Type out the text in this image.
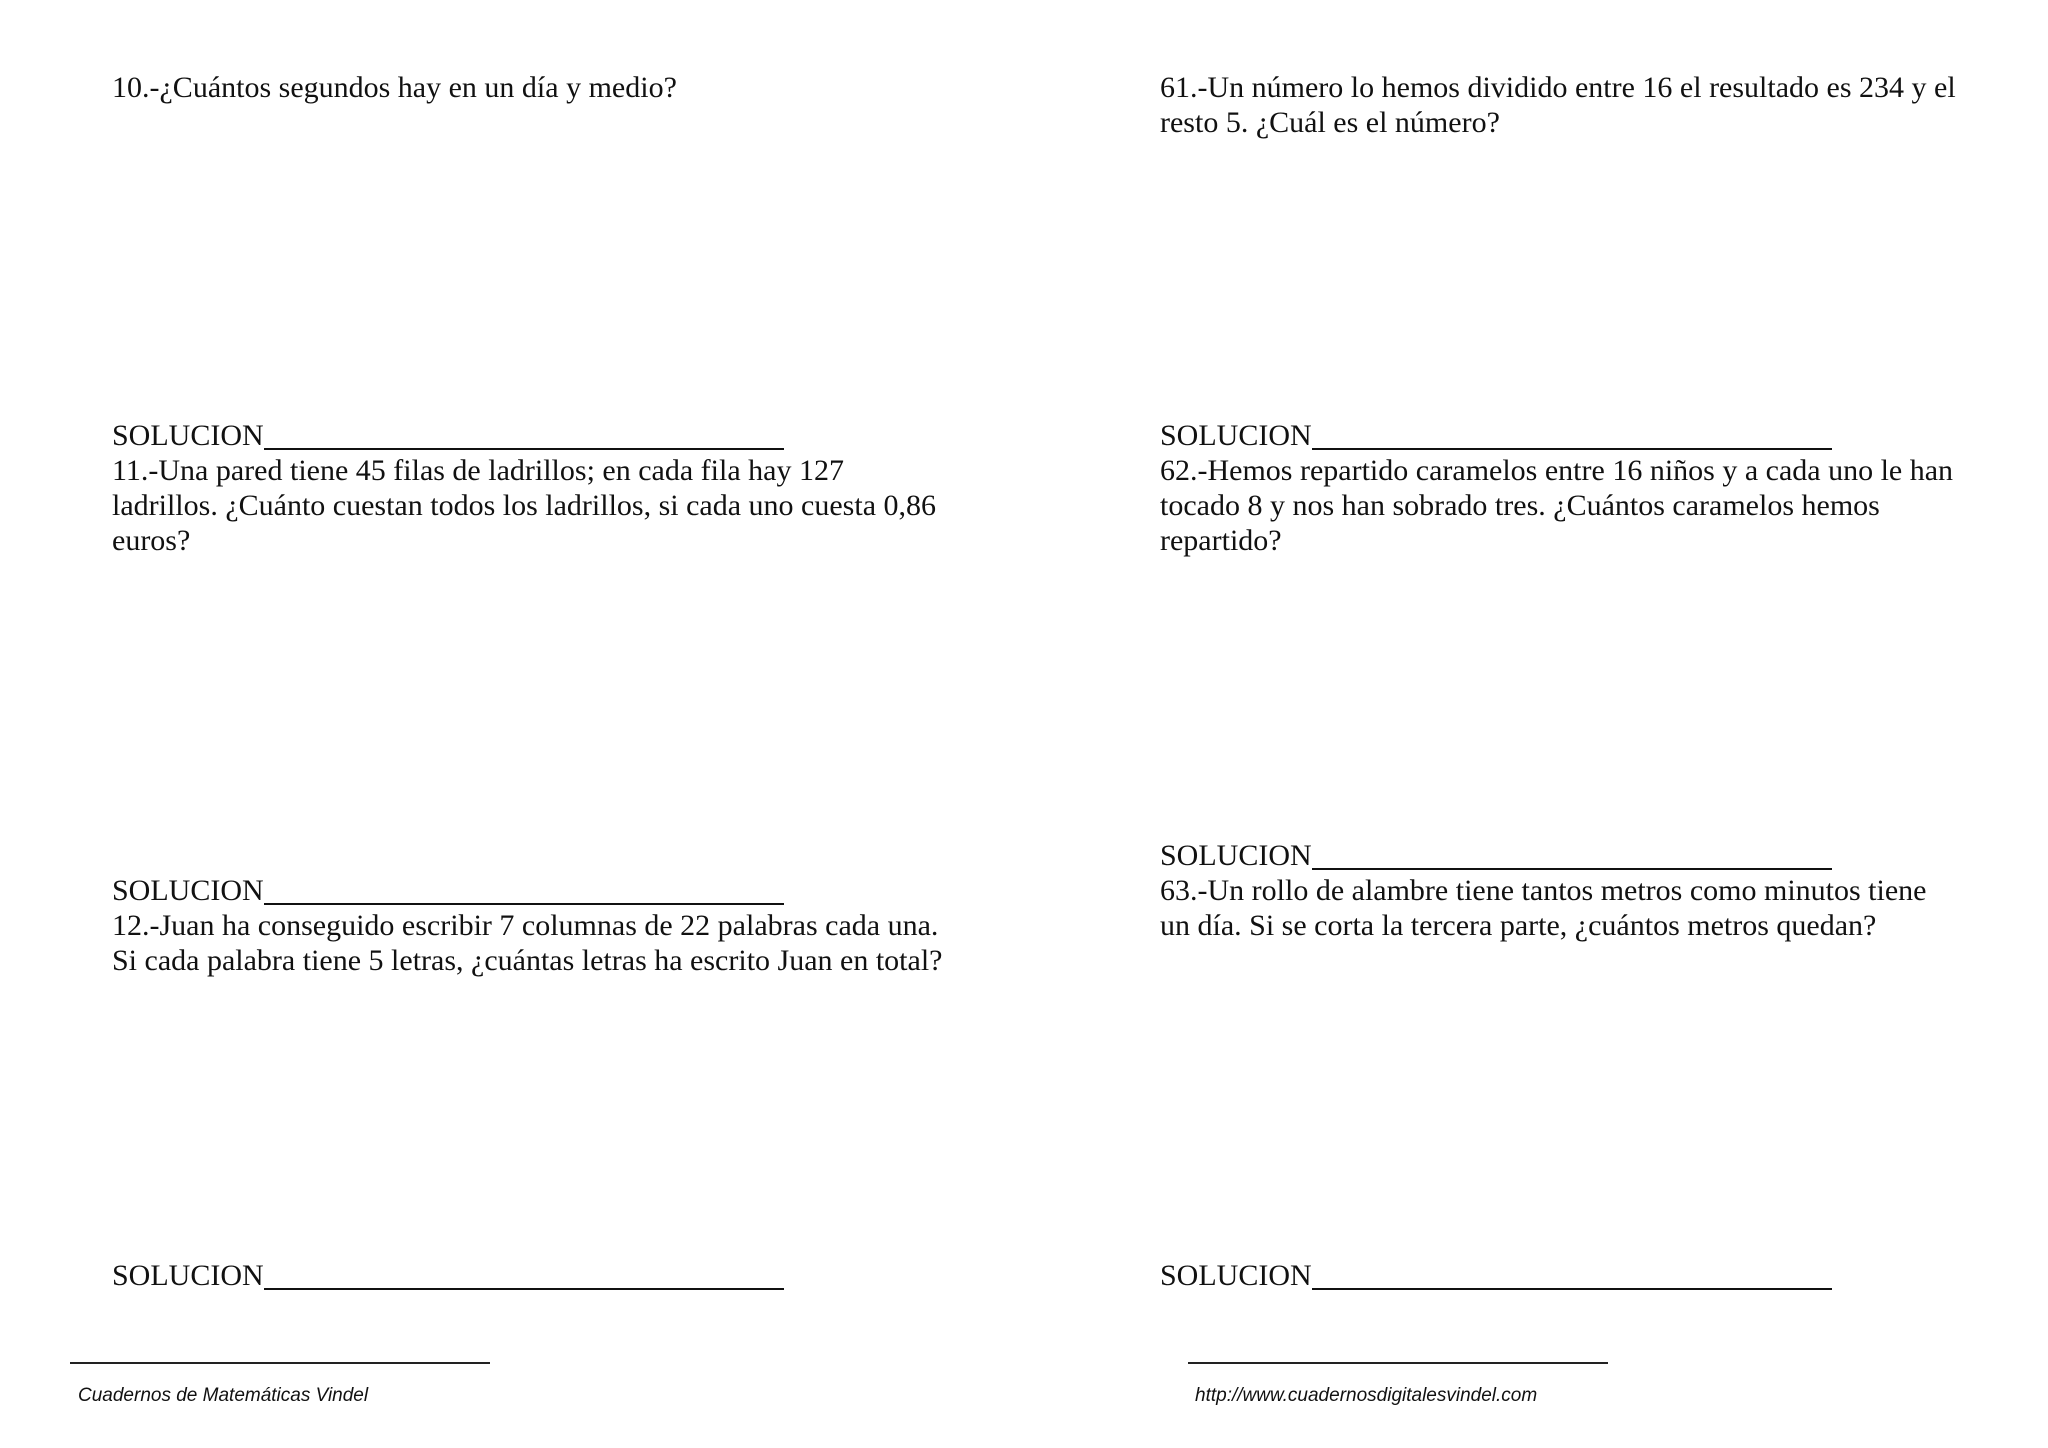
10.-¿Cuántos segundos hay en un día y medio?

SOLUCION

11.-Una pared tiene 45 filas de ladrillos; en cada fila hay 127 ladrillos. ¿Cuánto cuestan todos los ladrillos, si cada uno cuesta 0,86 euros?

SOLUCION

12.-Juan ha conseguido escribir 7 columnas de 22 palabras cada una. Si cada palabra tiene 5 letras, ¿cuántas letras ha escrito Juan en total?

SOLUCION

61.-Un número lo hemos dividido entre 16 el resultado es 234 y el resto 5. ¿Cuál es el número?

SOLUCION

62.-Hemos repartido caramelos entre 16 niños y a cada uno le han tocado 8 y nos han sobrado tres. ¿Cuántos caramelos hemos repartido?

SOLUCION

63.-Un rollo de alambre tiene tantos metros como minutos tiene un día. Si se corta la tercera parte, ¿cuántos metros quedan?

SOLUCION
Cuadernos de Matemáticas Vindel	http://www.cuadernosdigitalesvindel.com
